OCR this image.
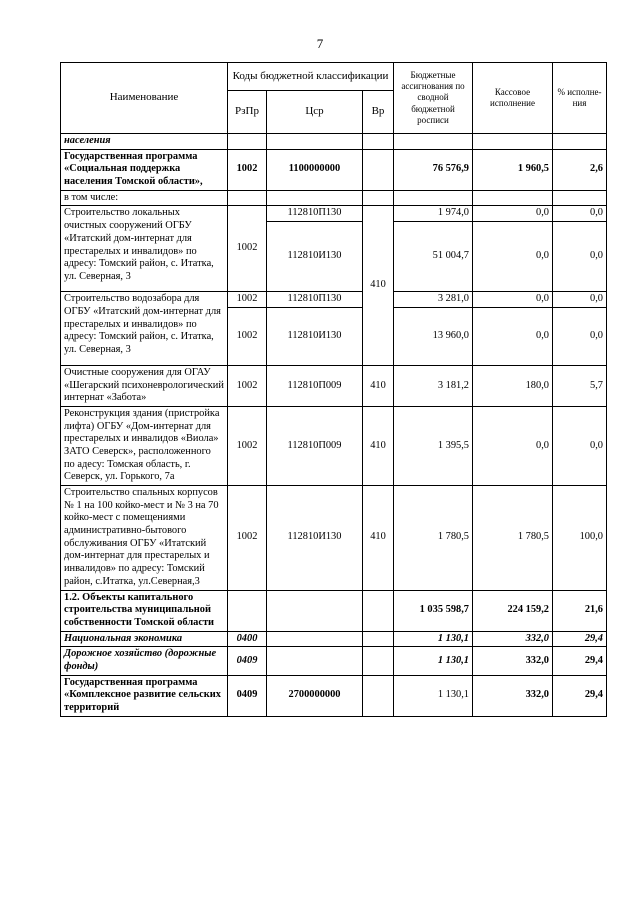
7
Наименование	Коды бюджетной классификации			Бюджетные ассигнования по сводной бюджетной росписи	Кассовое исполнение	% исполне-ния
	РзПр	Цср	Вр			
населения						
Государственная программа «Социальная поддержка населения Томской области»,	1002	1100000000		76 576,9	1 960,5	2,6
в том числе:						
Строительство локальных очистных сооружений ОГБУ «Итатский дом-интернат для престарелых и инвалидов» по адресу: Томский район, с. Итатка, ул. Северная, 3	1002	112810П130	410	1 974,0	0,0	0,0
		112810И130		51 004,7	0,0	0,0
Строительство водозабора для ОГБУ «Итатский дом-интернат для престарелых и инвалидов» по адресу: Томский район, с. Итатка, ул. Северная, 3	1002	112810П130		3 281,0	0,0	0,0
	1002	112810И130		13 960,0	0,0	0,0
Очистные сооружения для ОГАУ «Шегарский психоневрологический интернат «Забота»	1002	112810П009	410	3 181,2	180,0	5,7
Реконструкция здания (пристройка лифта) ОГБУ «Дом-интернат для престарелых и инвалидов «Виола» ЗАТО Северск», расположенного по адесу: Томская область, г. Северск, ул. Горького, 7а	1002	112810П009	410	1 395,5	0,0	0,0
Строительство спальных корпусов № 1 на 100 койко-мест и № 3 на 70 койко-мест с помещениями административно-бытового обслуживания ОГБУ «Итатский дом-интернат для престарелых и инвалидов» по адресу: Томский район, с.Итатка, ул.Северная,3	1002	112810И130	410	1 780,5	1 780,5	100,0
1.2. Объекты капитального строительства муниципальной собственности Томской области				1 035 598,7	224 159,2	21,6
Национальная экономика	0400			1 130,1	332,0	29,4
Дорожное хозяйство (дорожные фонды)	0409			1 130,1	332,0	29,4
Государственная программа «Комплексное развитие сельских территорий	0409	2700000000		1 130,1	332,0	29,4
